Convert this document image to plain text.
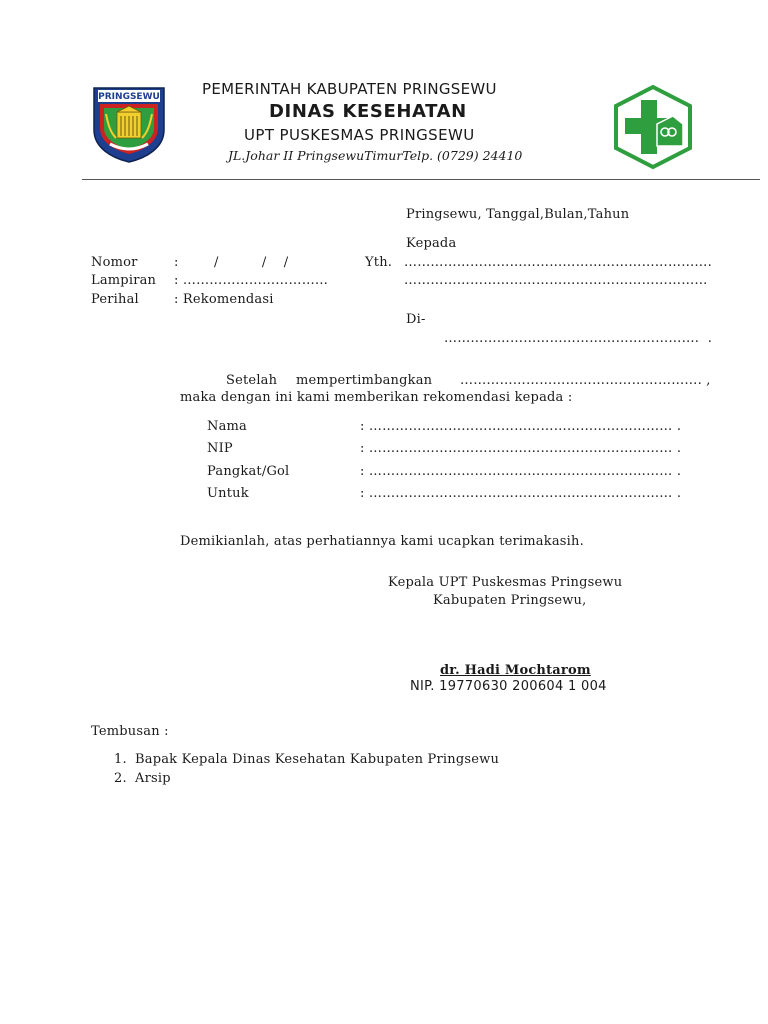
PRINGSEWU	PEMERINTAH KABUPATEN PRINGSEWU
DINAS KESEHATAN
UPT PUSKESMAS PRINGSEWU
JL.Johar II PringsewuTimurTelp. (0729) 24410
Pringsewu, Tanggal,Bulan,Tahun
Kepada
Nomor	:	/          /    /
Lampiran : ……………………………
Perihal	: Rekomendasi
Yth. …………………………………………………………….
……………………………………………………………
Di-
………………………………………………….  .
Setelah mempertimbangkan ………………………………………………. ,
maka dengan ini kami memberikan rekomendasi kepada :
Nama	: …………………………………………………………… .
NIP	: …………………………………………………………… .
Pangkat/Gol	: …………………………………………………………… .
Untuk	: …………………………………………………………… .
Demikianlah, atas perhatiannya kami ucapkan terimakasih.
Kepala UPT Puskesmas Pringsewu
Kabupaten Pringsewu,
dr. Hadi Mochtarom
NIP. 19770630 200604 1 004
Tembusan :
1. Bapak Kepala Dinas Kesehatan Kabupaten Pringsewu
2. Arsip
